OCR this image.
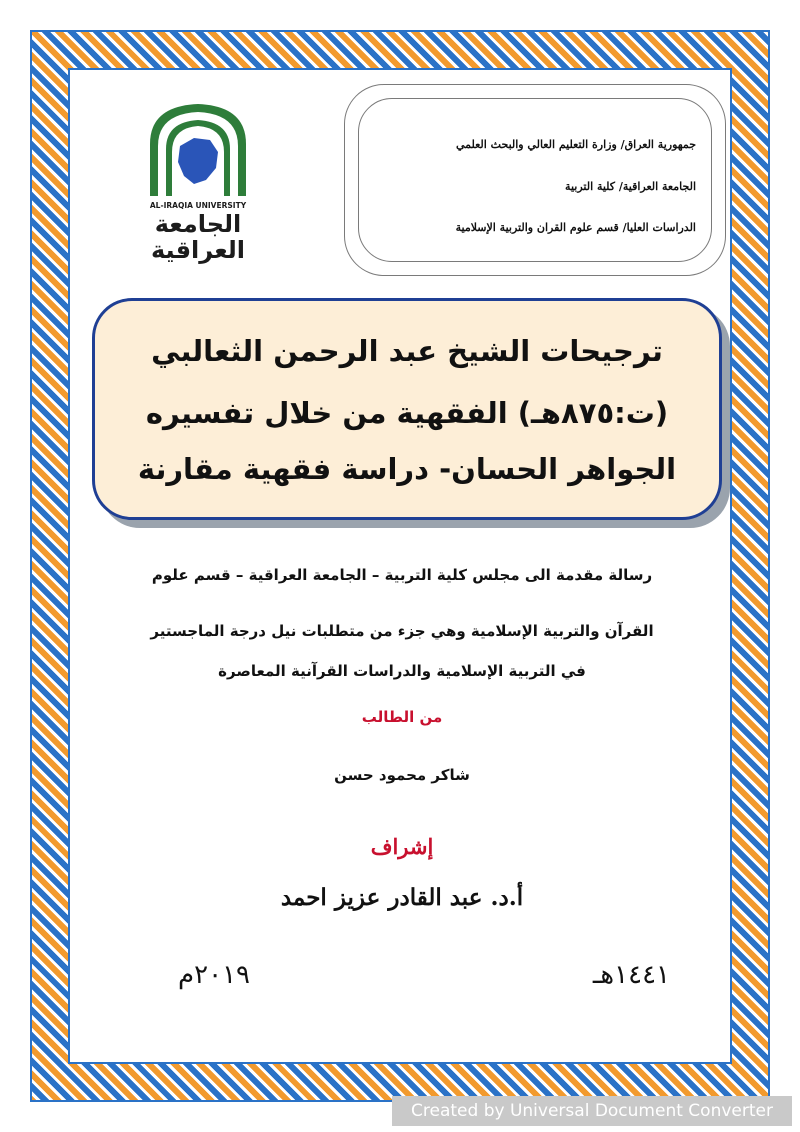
جمهورية العراق/ وزارة التعليم العالي والبحث العلمي
الجامعة العراقية/ كلية التربية
الدراسات العليا/ قسم علوم القران والتربية الإسلامية
AL-IRAQIA UNIVERSITY
الجامعة
العراقية
ترجيحات الشيخ عبد الرحمن الثعالبي
(ت:٨٧٥هـ) الفقهية من خلال تفسيره
الجواهر الحسان- دراسة فقهية مقارنة
رسالة مقدمة الى مجلس كلية التربية – الجامعة العراقية – قسم علوم
القرآن والتربية الإسلامية وهي جزء من متطلبات نيل درجة الماجستير
في التربية الإسلامية والدراسات القرآنية المعاصرة
من الطالب
شاكر محمود حسن
إشراف
أ.د. عبد القادر عزيز احمد
١٤٤١هـ
٢٠١٩م
Created by Universal Document Converter
